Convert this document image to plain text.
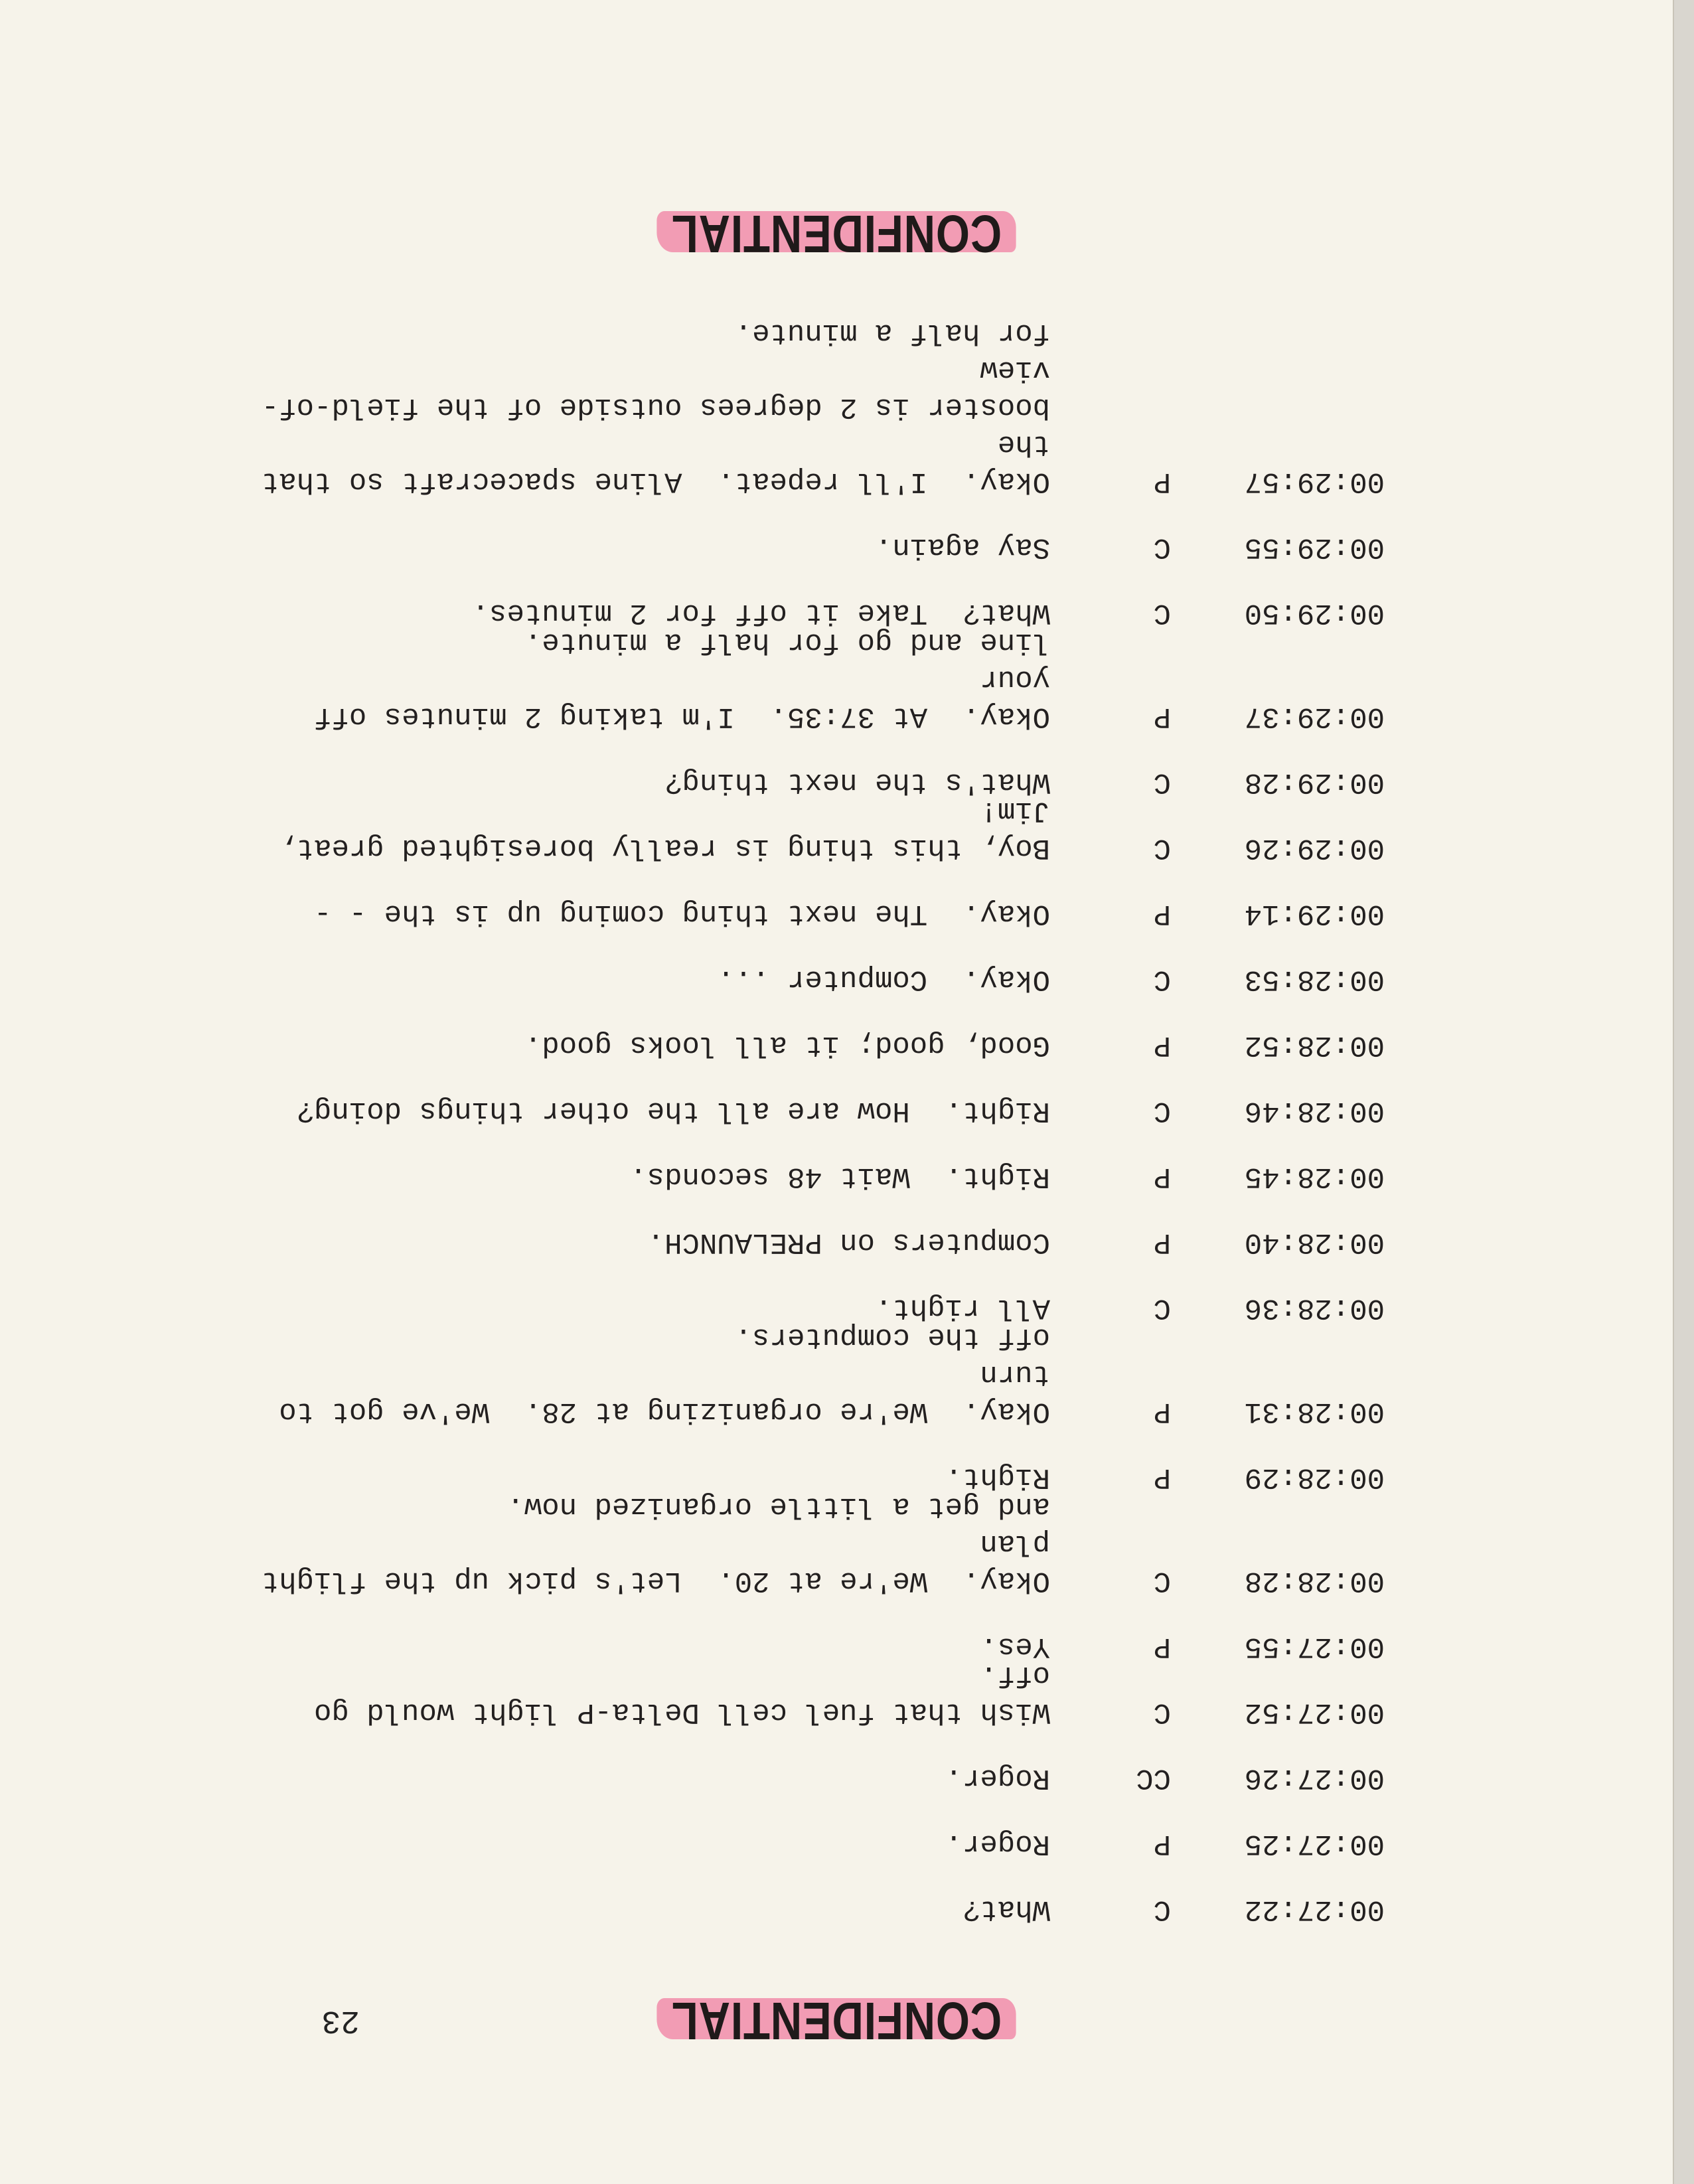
CONFIDENTIAL
23
00:27:22
C
What?
00:27:25
P
Roger.
00:27:26
CC
Roger.
00:27:52
C
Wish that fuel cell Delta-P light would go off.
00:27:55
P
Yes.
00:28:28
C
Okay.  We're at 20.  Let's pick up the flight plan
and get a little organized now.
00:28:29
P
Right.
00:28:31
P
Okay.  We're organizing at 28.  We've got to turn
off the computers.
00:28:36
C
All right.
00:28:40
P
Computers on PRELAUNCH.
00:28:45
P
Right.  Wait 48 seconds.
00:28:46
C
Right.  How are all the other things doing?
00:28:52
P
Good, good; it all looks good.
00:28:53
C
Okay.  Computer ...
00:29:14
P
Okay.  The next thing coming up is the - -
00:29:26
C
Boy, this thing is really boresighted great, Jim!
00:29:28
C
What's the next thing?
00:29:37
P
Okay.  At 37:35.  I'm taking 2 minutes off your
line and go for half a minute.
00:29:50
C
What?  Take it off for 2 minutes.
00:29:55
C
Say again.
00:29:57
P
Okay.  I'll repeat.  Aline spacecraft so that the
booster is 2 degrees outside of the field-of-view
for half a minute.
CONFIDENTIAL
